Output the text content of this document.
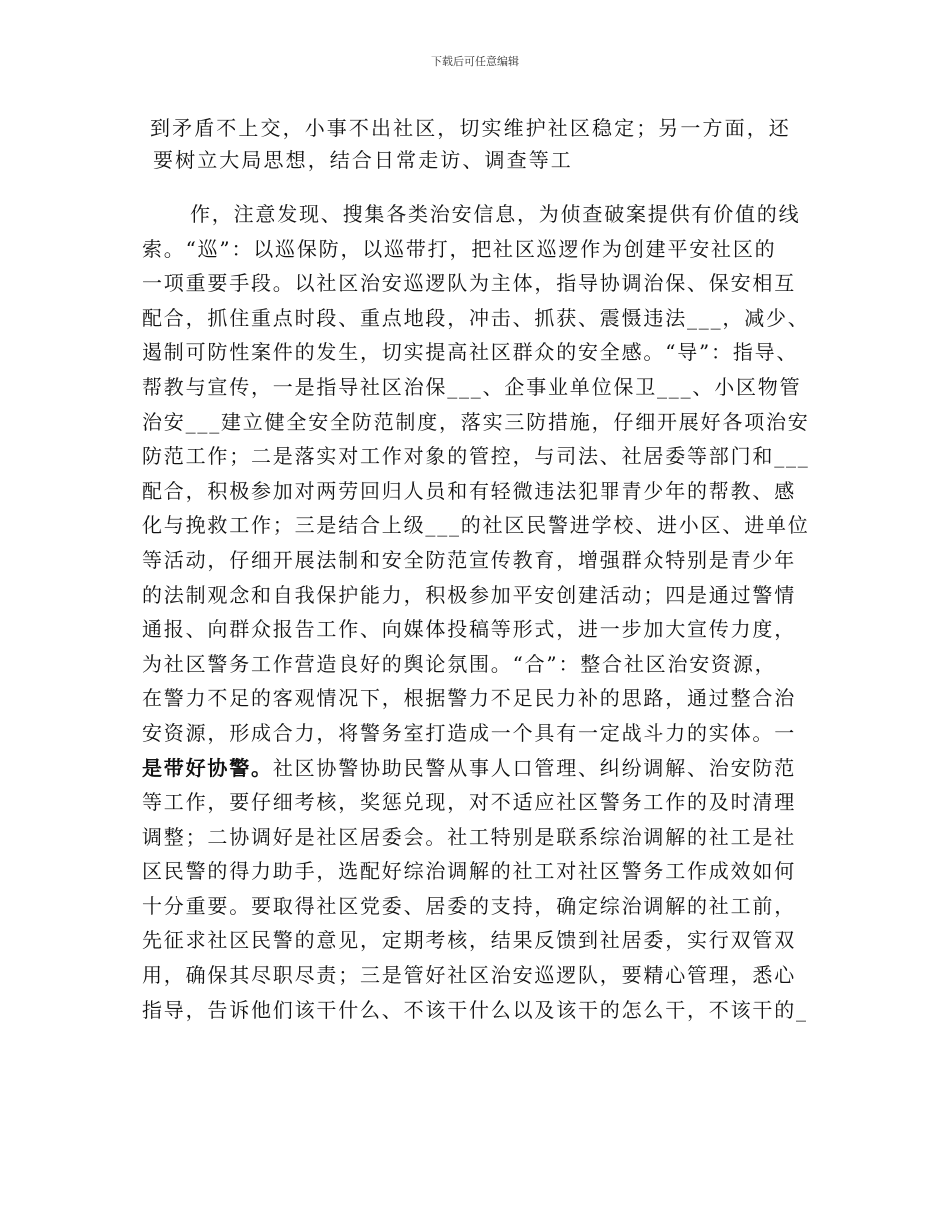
下载后可任意编辑
到矛盾不上交，小事不出社区，切实维护社区稳定；另一方面，还
要树立大局思想，结合日常走访、调查等工
作，注意发现、搜集各类治安信息，为侦查破案提供有价值的线
索。“巡”：以巡保防，以巡带打，把社区巡逻作为创建平安社区的
一项重要手段。以社区治安巡逻队为主体，指导协调治保、保安相互
配合，抓住重点时段、重点地段，冲击、抓获、震慑违法___，减少、
遏制可防性案件的发生，切实提高社区群众的安全感。“导”：指导、
帮教与宣传，一是指导社区治保___、企事业单位保卫___、小区物管
治安___建立健全安全防范制度，落实三防措施，仔细开展好各项治安
防范工作；二是落实对工作对象的管控，与司法、社居委等部门和___
配合，积极参加对两劳回归人员和有轻微违法犯罪青少年的帮教、感
化与挽救工作；三是结合上级___的社区民警进学校、进小区、进单位
等活动，仔细开展法制和安全防范宣传教育，增强群众特别是青少年
的法制观念和自我保护能力，积极参加平安创建活动；四是通过警情
通报、向群众报告工作、向媒体投稿等形式，进一步加大宣传力度，
为社区警务工作营造良好的舆论氛围。“合”：整合社区治安资源，
在警力不足的客观情况下，根据警力不足民力补的思路，通过整合治
安资源，形成合力，将警务室打造成一个具有一定战斗力的实体。一
是带好协警。社区协警协助民警从事人口管理、纠纷调解、治安防范
等工作，要仔细考核，奖惩兑现，对不适应社区警务工作的及时清理
调整；二协调好是社区居委会。社工特别是联系综治调解的社工是社
区民警的得力助手，选配好综治调解的社工对社区警务工作成效如何
十分重要。要取得社区党委、居委的支持，确定综治调解的社工前，
先征求社区民警的意见，定期考核，结果反馈到社居委，实行双管双
用，确保其尽职尽责；三是管好社区治安巡逻队，要精心管理，悉心
指导，告诉他们该干什么、不该干什么以及该干的怎么干，不该干的_
